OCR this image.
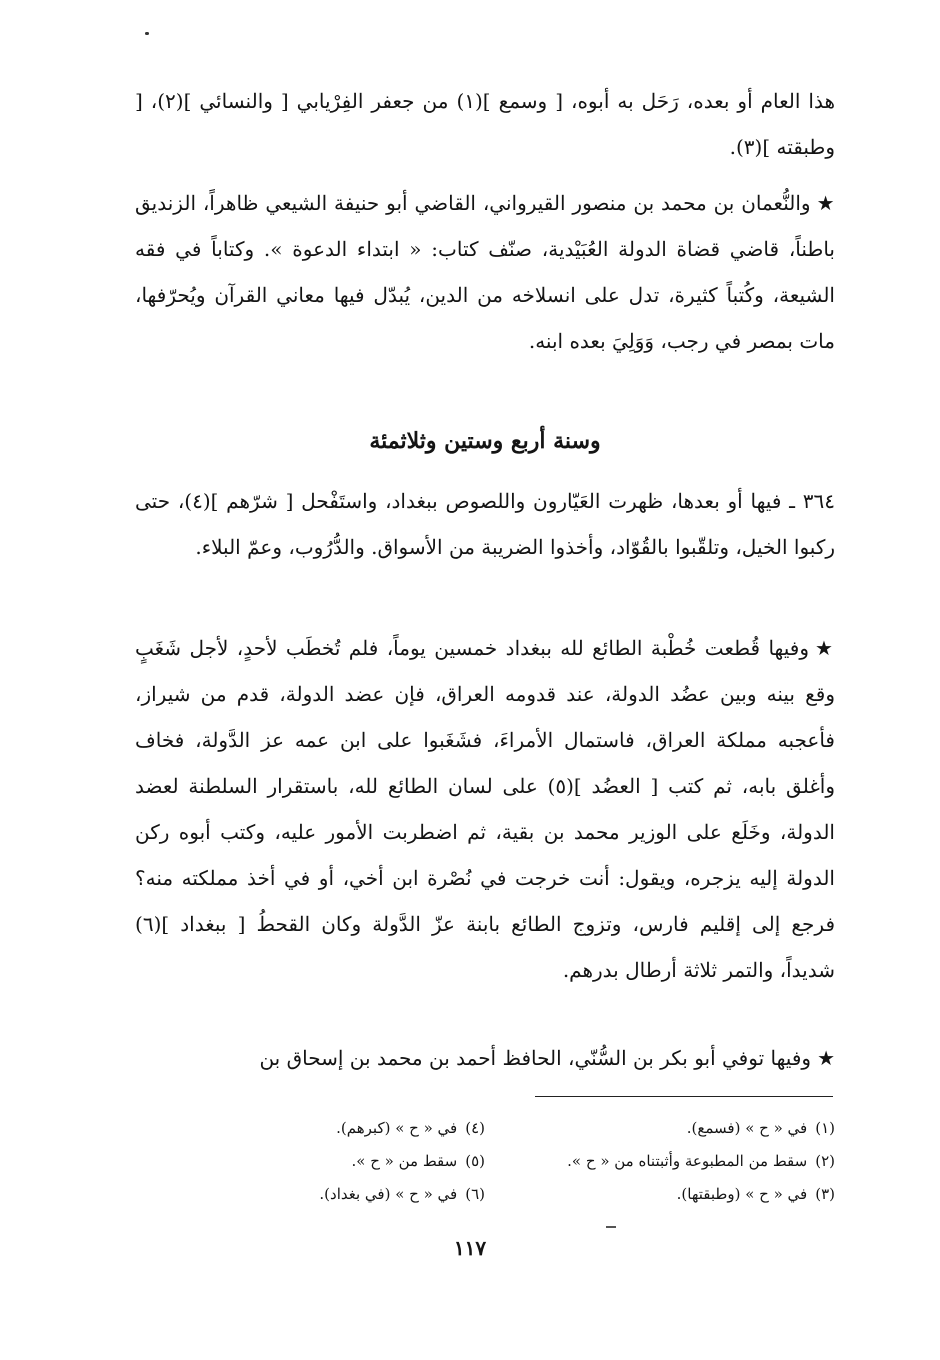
هذا العام أو بعده، رَحَل به أبوه، [ وسمع ](١) من جعفر الفِرْيابي [ والنسائي ](٢)، [ وطبقته ](٣).

★والنُّعمان بن محمد بن منصور القيرواني، القاضي أبو حنيفة الشيعي ظاهراً، الزنديق باطناً، قاضي قضاة الدولة العُبَيْدية، صنّف كتاب: « ابتداء الدعوة ». وكتاباً في فقه الشيعة، وكُتباً كثيرة، تدل على انسلاخه من الدين، يُبدّل فيها معاني القرآن ويُحرّفها، مات بمصر في رجب، وَوَلِيَ بعده ابنه.

وسنة أربع وستين وثلاثمئة

٣٦٤ ـ فيها أو بعدها، ظهرت العَيّارون واللصوص ببغداد، واستَفْحل [ شرّهم ](٤)، حتى ركبوا الخيل، وتلقّبوا بالقُوّاد، وأخذوا الضريبة من الأسواق. والدُّرُوب، وعمّ البلاء.

★وفيها قُطعت خُطْبة الطائع لله ببغداد خمسين يوماً، فلم تُخطَب لأحدٍ، لأجل شَغَبٍ وقع بينه وبين عضُد الدولة، عند قدومه العراق، فإن عضد الدولة، قدم من شيراز، فأعجبه مملكة العراق، فاستمال الأمراءَ، فشَغَبوا على ابن عمه عز الدَّولة، فخاف وأغلق بابه، ثم كتب [ العضُد ](٥) على لسان الطائع لله، باستقرار السلطنة لعضد الدولة، وخَلَع على الوزير محمد بن بقية، ثم اضطربت الأمور عليه، وكتب أبوه ركن الدولة إليه يزجره، ويقول: أنت خرجت في نُصْرة ابن أخي، أو في أخذ مملكته منه؟ فرجع إلى إقليم فارس، وتزوج الطائع بابنة عزّ الدَّولة وكان القحطُ [ ببغداد ](٦) شديداً، والتمر ثلاثة أرطال بدرهم.

★وفيها توفي أبو بكر بن السُّنّي، الحافظ أحمد بن محمد بن إسحاق بن

(١)في « ح » (فسمع).
(٤)في « ح » (كبرهم).
(٢)سقط من المطبوعة وأثبتناه من « ح ».
(٥)سقط من « ح ».
(٣)في « ح » (وطبقتها).
(٦)في « ح » (في بغداد).
١١٧
